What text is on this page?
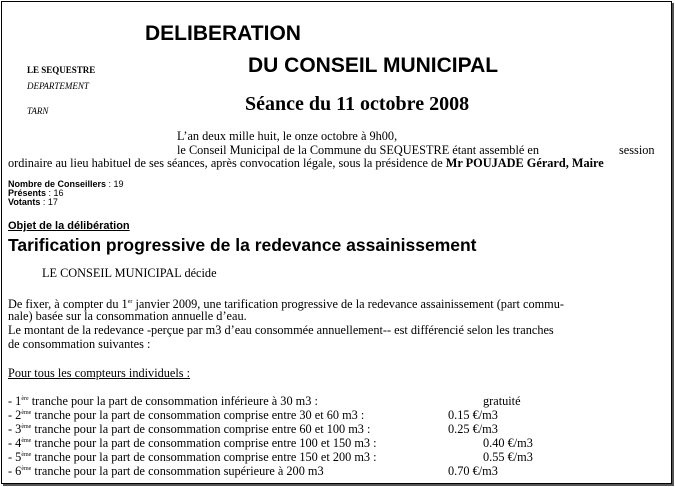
DELIBERATION
DU CONSEIL MUNICIPAL
LE SEQUESTRE
DEPARTEMENT
TARN	Séance du 11 octobre 2008
L’an deux mille huit, le onze octobre à 9h00,
le Conseil Municipal de la Commune du SEQUESTRE étant assemblé en	session
ordinaire au lieu habituel de ses séances, après convocation légale, sous la présidence de Mr POUJADE Gérard, Maire
Nombre de Conseillers : 19
Présents : 16
Votants : 17
Objet de la délibération
Tarification progressive de la redevance assainissement
LE CONSEIL MUNICIPAL décide
De fixer, à compter du 1er janvier 2009, une tarification progressive de la redevance assainissement (part commu-
nale) basée sur la consommation annuelle d’eau.
Le montant de la redevance -perçue par m3 d’eau consommée annuellement-- est différencié selon les tranches
de consommation suivantes :
Pour tous les compteurs individuels :
- 1ère tranche pour la part de consommation inférieure à 30 m3 :	gratuité
- 2ème tranche pour la part de consommation comprise entre 30 et 60 m3 :	0.15 €/m3
- 3ème tranche pour la part de consommation comprise entre 60 et 100 m3 :	0.25 €/m3
- 4ème tranche pour la part de consommation comprise entre 100 et 150 m3 :	0.40 €/m3
- 5ème tranche pour la part de consommation comprise entre 150 et 200 m3 :	0.55 €/m3
- 6ème tranche pour la part de consommation supérieure à 200 m3	0.70 €/m3
